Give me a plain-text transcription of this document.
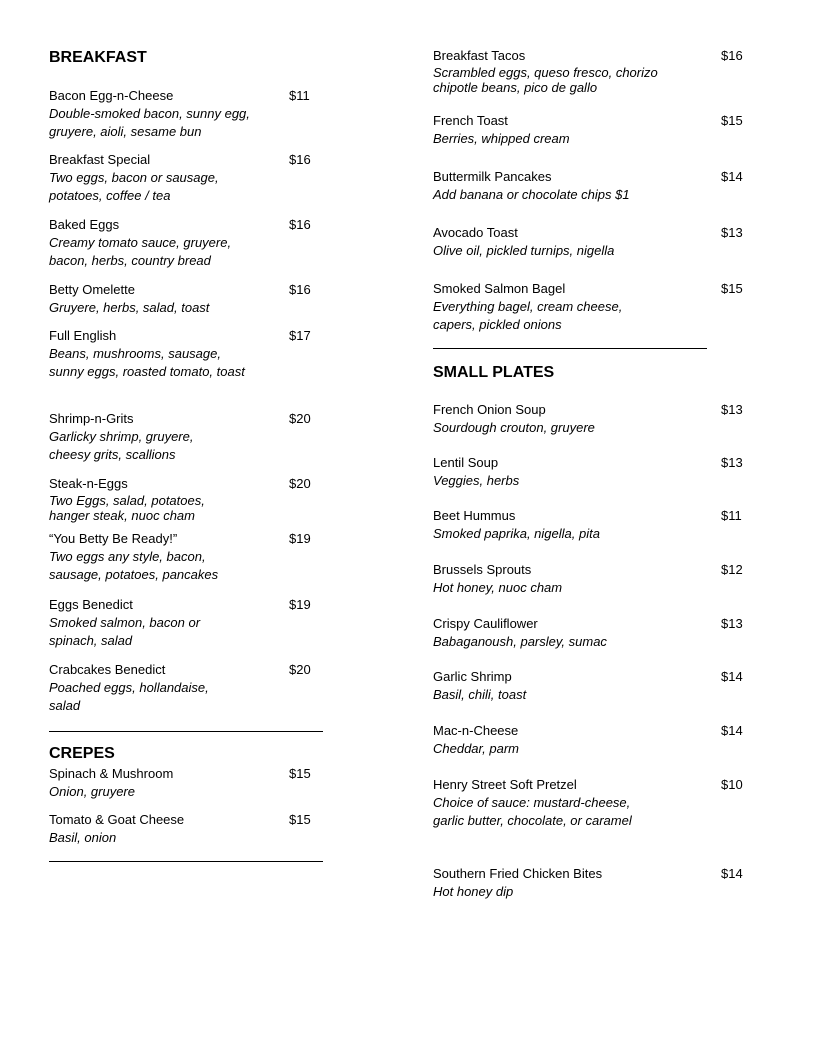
BREAKFAST
Bacon Egg-n-Cheese	$11
Double-smoked bacon, sunny egg, gruyere, aioli, sesame bun
Breakfast Special	$16
Two eggs, bacon or sausage, potatoes, coffee / tea
Baked Eggs	$16
Creamy tomato sauce, gruyere, bacon, herbs, country bread
Betty Omelette	$16
Gruyere, herbs, salad, toast
Full English	$17
Beans, mushrooms, sausage, sunny eggs, roasted tomato, toast
Shrimp-n-Grits	$20
Garlicky shrimp, gruyere, cheesy grits, scallions
Steak-n-Eggs	$20
Two Eggs, salad, potatoes, hanger steak, nuoc cham
“You Betty Be Ready!”	$19
Two eggs any style, bacon, sausage, potatoes, pancakes
Eggs Benedict	$19
Smoked salmon, bacon or spinach, salad
Crabcakes Benedict	$20
Poached eggs, hollandaise, salad
CREPES
Spinach & Mushroom	$15
Onion, gruyere
Tomato & Goat Cheese	$15
Basil, onion
Breakfast Tacos	$16
Scrambled eggs, queso fresco, chorizo chipotle beans, pico de gallo
French Toast	$15
Berries, whipped cream
Buttermilk Pancakes	$14
Add banana or chocolate chips $1
Avocado Toast	$13
Olive oil, pickled turnips, nigella
Smoked Salmon Bagel	$15
Everything bagel, cream cheese, capers, pickled onions
SMALL PLATES
French Onion Soup	$13
Sourdough crouton, gruyere
Lentil Soup	$13
Veggies, herbs
Beet Hummus	$11
Smoked paprika, nigella, pita
Brussels Sprouts	$12
Hot honey, nuoc cham
Crispy Cauliflower	$13
Babaganoush, parsley, sumac
Garlic Shrimp	$14
Basil, chili, toast
Mac-n-Cheese	$14
Cheddar, parm
Henry Street Soft Pretzel	$10
Choice of sauce: mustard-cheese, garlic butter, chocolate, or caramel
Southern Fried Chicken Bites	$14
Hot honey dip
